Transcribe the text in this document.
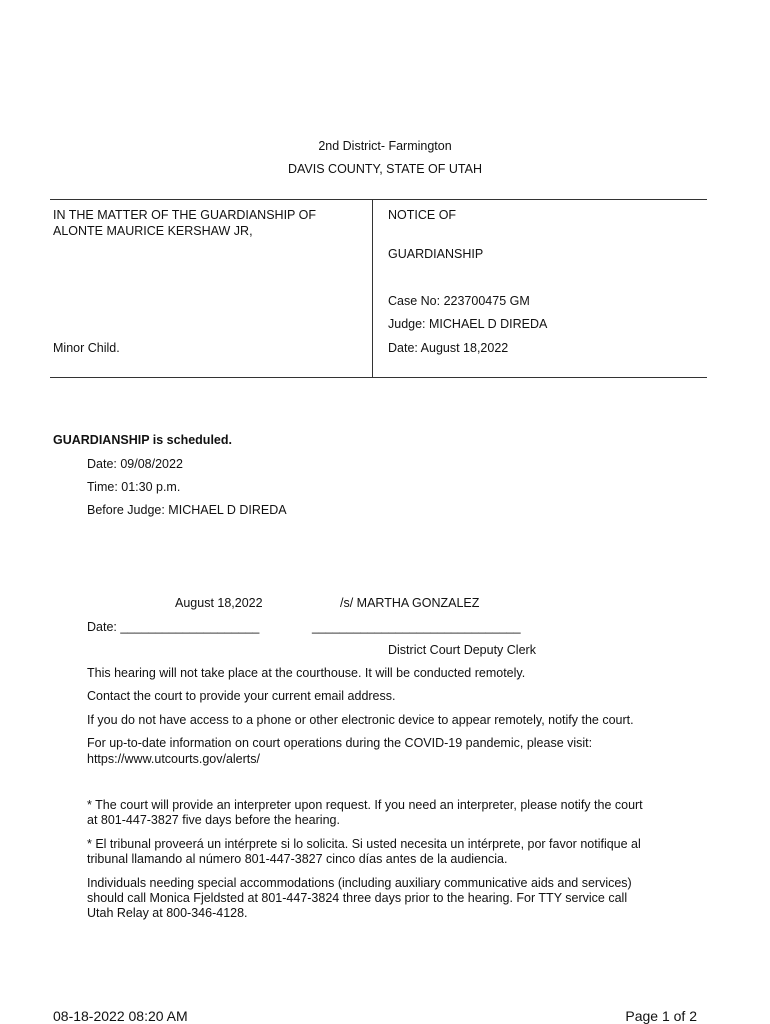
2nd District- Farmington
DAVIS COUNTY, STATE OF UTAH
IN THE MATTER OF THE GUARDIANSHIP OF
ALONTE MAURICE KERSHAW JR,
Minor Child.
NOTICE OF
GUARDIANSHIP
Case No: 223700475 GM
Judge: MICHAEL D DIREDA
Date: August 18,2022
GUARDIANSHIP is scheduled.
Date: 09/08/2022
Time: 01:30 p.m.
Before Judge: MICHAEL D DIREDA
August 18,2022	/s/ MARTHA GONZALEZ
Date: ____________________	______________________________
District Court Deputy Clerk
This hearing will not take place at the courthouse. It will be conducted remotely.
Contact the court to provide your current email address.
If you do not have access to a phone or other electronic device to appear remotely, notify the court.
For up-to-date information on court operations during the COVID-19 pandemic, please visit:
https://www.utcourts.gov/alerts/
* The court will provide an interpreter upon request. If you need an interpreter, please notify the court
at 801-447-3827 five days before the hearing.
* El tribunal proveerá un intérprete si lo solicita. Si usted necesita un intérprete, por favor notifique al
tribunal llamando al número 801-447-3827 cinco días antes de la audiencia.
Individuals needing special accommodations (including auxiliary communicative aids and services)
should call Monica Fjeldsted at 801-447-3824 three days prior to the hearing. For TTY service call
Utah Relay at 800-346-4128.
08-18-2022 08:20 AM	Page 1 of 2
